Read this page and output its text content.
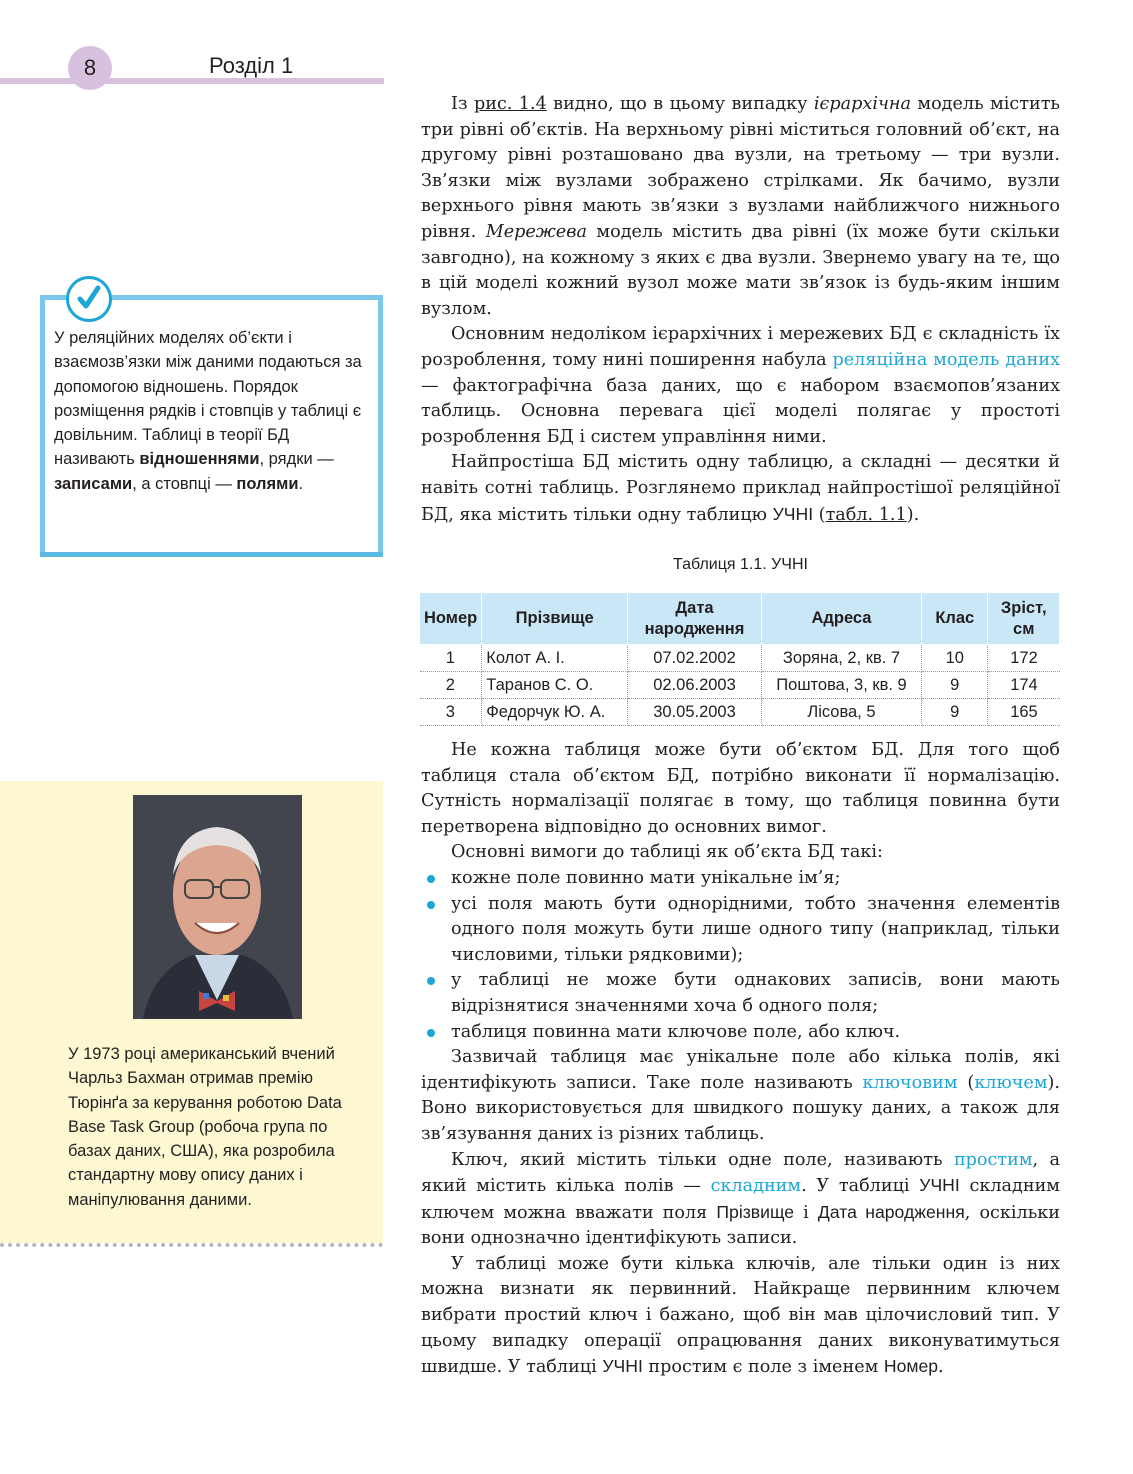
8	Розділ 1
У реляційних моделях об’єкти і взаємозв’язки між даними подаються за допомогою відношень. Порядок розміщення рядків і стовпців у таблиці є довільним. Таблиці в теорії БД називають відношеннями, рядки — записами, а стовпці — полями.
У 1973 році американський вчений Чарльз Бахман отримав премію Тюрінґа за керування роботою Data Base Task Group (робоча група по базах даних, США), яка розробила стандартну мову опису даних і маніпулювання даними.

Із рис. 1.4 видно, що в цьому випадку ієрархічна модель містить три рівні об’єктів. На верхньому рівні міститься головний об’єкт, на другому рівні розташовано два вузли, на третьому — три вузли. Зв’язки між вузлами зображено стрілками. Як бачимо, вузли верхнього рівня мають зв’язки з вузлами найближчого нижнього рівня. Мережева модель містить два рівні (їх може бути скільки завгодно), на кожному з яких є два вузли. Звернемо увагу на те, що в цій моделі кожний вузол може мати зв’язок із будь-яким іншим вузлом.

Основним недоліком ієрархічних і мережевих БД є складність їх розроблення, тому нині поширення набула реляційна модель даних — фактографічна база даних, що є набором взаємопов’язаних таблиць. Основна перевага цієї моделі полягає у простоті розроблення БД і систем управління ними.

Найпростіша БД містить одну таблицю, а складні — десятки й навіть сотні таблиць. Розглянемо приклад найпростішої реляційної БД, яка містить тільки одну таблицю УЧНІ (табл. 1.1).

Таблиця 1.1. УЧНІ
Номер	Прізвище	Дата народження	Адреса	Клас	Зріст, см
1	Колот А. І.	07.02.2002	Зоряна, 2, кв. 7	10	172
2	Таранов С. О.	02.06.2003	Поштова, 3, кв. 9	9	174
3	Федорчук Ю. А.	30.05.2003	Лісова, 5	9	165

Не кожна таблиця може бути об’єктом БД. Для того щоб таблиця стала об’єктом БД, потрібно виконати її нормалізацію. Сутність нормалізації полягає в тому, що таблиця повинна бути перетворена відповідно до основних вимог.

Основні вимоги до таблиці як об’єкта БД такі:

кожне поле повинно мати унікальне ім’я;
усі поля мають бути однорідними, тобто значення елементів одного поля можуть бути лише одного типу (наприклад, тільки числовими, тільки рядковими);
у таблиці не може бути однакових записів, вони мають відрізнятися значеннями хоча б одного поля;
таблиця повинна мати ключове поле, або ключ.

Зазвичай таблиця має унікальне поле або кілька полів, які ідентифікують записи. Таке поле називають ключовим (ключем). Воно використовується для швидкого пошуку даних, а також для зв’язування даних із різних таблиць.

Ключ, який містить тільки одне поле, називають простим, а який містить кілька полів — складним. У таблиці УЧНІ складним ключем можна вважати поля Прізвище і Дата народження, оскільки вони однозначно ідентифікують записи.

У таблиці може бути кілька ключів, але тільки один із них можна визнати як первинний. Найкраще первинним ключем вибрати простий ключ і бажано, щоб він мав цілочисловий тип. У цьому випадку операції опрацювання даних виконуватимуться швидше. У таблиці УЧНІ простим є поле з іменем Номер.
